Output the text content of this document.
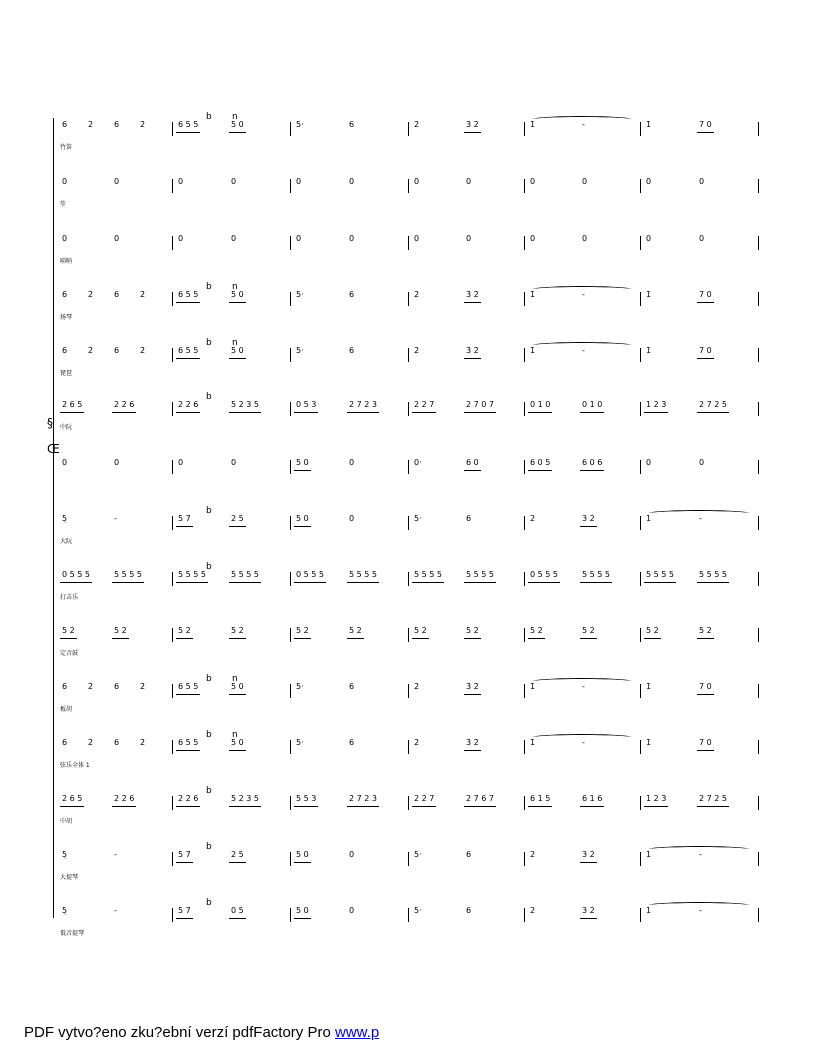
6	2̇	6	2̇	6 5 5	5 0	5·	6	2̇	3̇ 2̇	1̇	-	1̇	7 0
b n
竹笛
0	0	0	0	0	0	0	0	0	0	0	0
笙
0	0	0	0	0	0	0	0	0	0	0	0
唢呐
6	2̇	6	2̇	6 5 5	5 0	5·	6	2̇	3̇ 2̇	1̇	-	1̇	7 0
b n
扬琴
6	2̇	6	2̇	6 5 5	5 0	5·	6	2̇	3̇ 2̇	1̇	-	1̇	7 0
b n
琵琶
2 6 5	2 2̇ 6	2 2̇ 6	5 2 3 5	0 5 3	2 7 2 3	2 2 7	2 7 0 7	0 1 0	0 1 0	1 2 3	2 7 2 5
b
中阮
0	0	0	0	5 0	0	0·	6 0	6 0 5	6 0 6	0	0
5̣	-	5 7	2 5	5 0	0	5·	6	2	3 2	1	-
b
大阮
0 5 5 5	5 5 5 5	5 5 5 5	5 5 5 5	0 5 5 5	5 5 5 5	5 5 5 5	5 5 5 5	0 5 5 5	5 5 5 5	5 5 5 5	5 5 5 5
b
打击乐
5 2	5 2	5 2	5 2	5 2	5 2	5 2	5 2	5 2	5 2	5 2	5 2
定音鼓
6	2̇	6	2̇	6 5 5	5 0	5·	6	2̇	3̇ 2̇	1̇	-	1̇	7 0
b n
板胡
6	2̇	6	2̇	6 5 5	5 0	5·	6	2̇	3̇ 2̇	1̇	-	1̇	7 0
b n
弦乐全体 1
2 6 5	2 2̇ 6	2 2̇ 6	5 2 3 5	5 5 3	2 7 2 3	2 2 7	2 7 6 7	6 1 5	6 1 6	1 2 3	2 7 2 5
b
中胡
5̣	-	5 7	2 5	5 0	0	5·	6	2	3 2	1	-
b
大提琴
5̣	-	5 7	0 5	5 0	0	5·	6	2	3 2	1	-
b
低音提琴
§
Œ
PDF vytvo?eno zku?ební verzí pdfFactory Pro www.p
